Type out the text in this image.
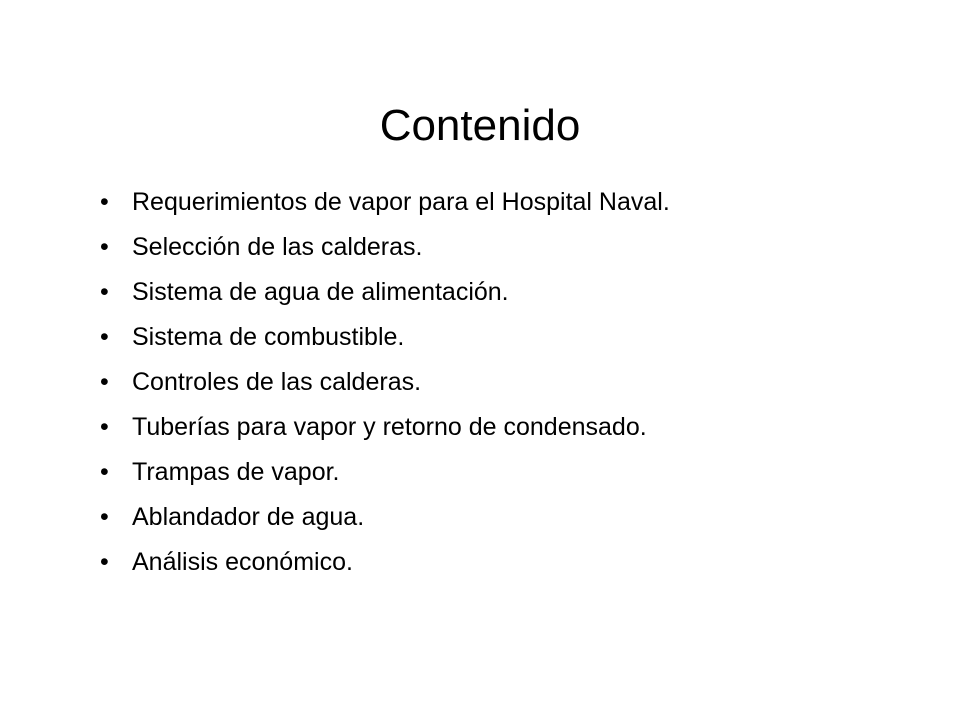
Contenido
• Requerimientos de vapor para el Hospital Naval.
• Selección de las calderas.
• Sistema de agua de alimentación.
• Sistema de combustible.
• Controles de las calderas.
• Tuberías para vapor y retorno de condensado.
• Trampas de vapor.
• Ablandador de agua.
• Análisis económico.
